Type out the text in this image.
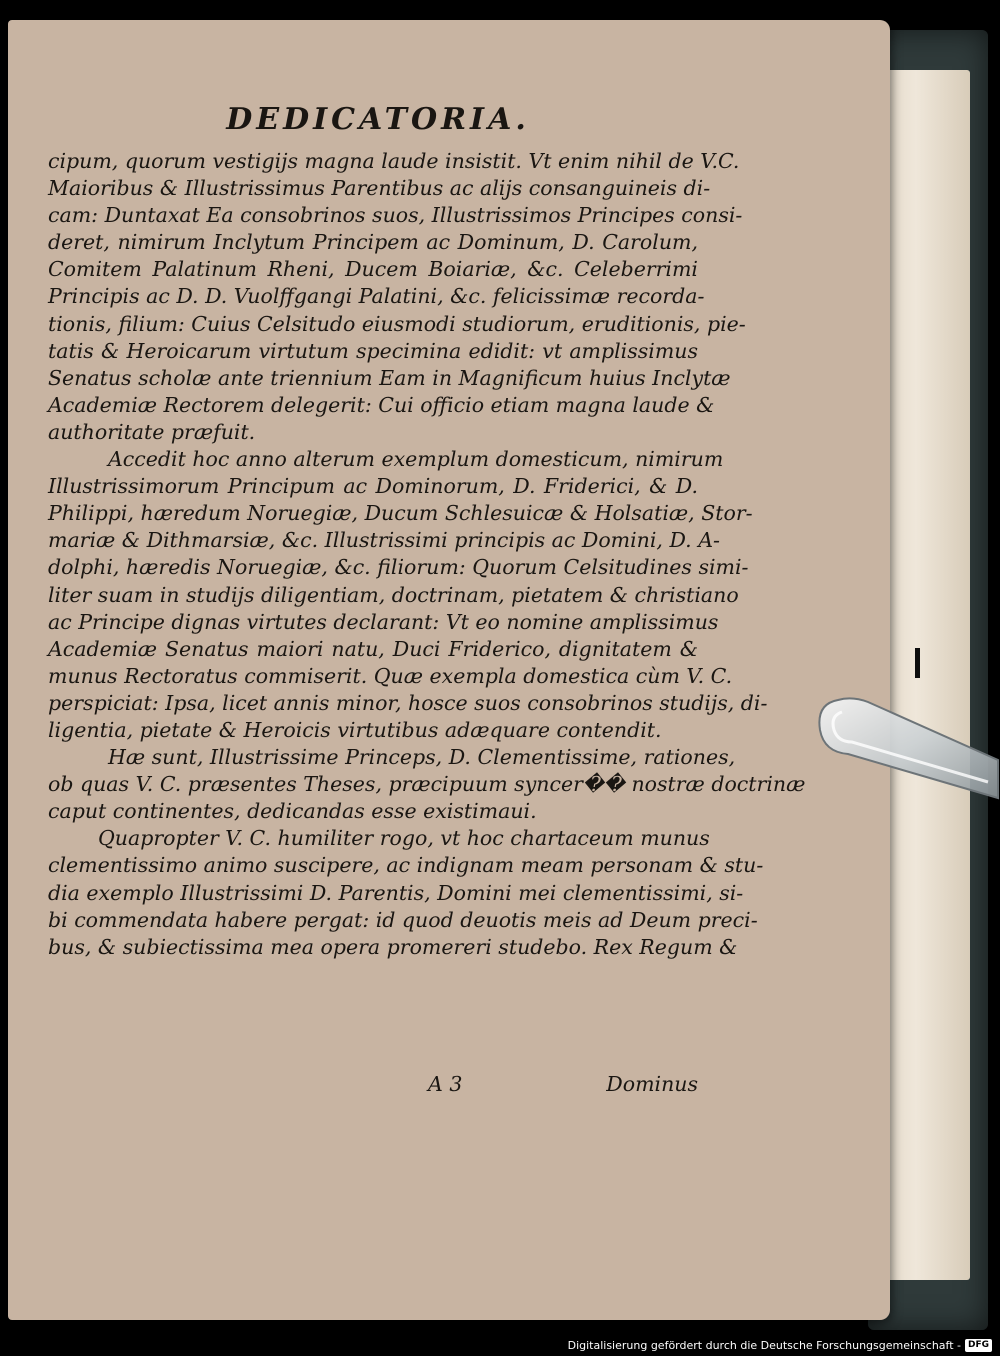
DEDICATORIA.
cipum, quorum vestigijs magna laude insistit. Vt enim nihil de V.C.
Maioribus & Illustrissimus Parentibus ac alijs consanguineis di-
cam: Duntaxat Ea consobrinos suos, Illustrissimos Principes consi-
deret, nimirum Inclytum Principem ac Dominum, D. Carolum,
Comitem Palatinum Rheni, Ducem Boiariæ, &c. Celeberrimi
Principis ac D. D. Vuolffgangi Palatini, &c. felicissimæ recorda-
tionis, filium: Cuius Celsitudo eiusmodi studiorum, eruditionis, pie-
tatis & Heroicarum virtutum specimina edidit: vt amplissimus
Senatus scholæ ante triennium Eam in Magnificum huius Inclytæ
Academiæ Rectorem delegerit: Cui officio etiam magna laude &
authoritate præfuit.
Accedit hoc anno alterum exemplum domesticum, nimirum
Illustrissimorum Principum ac Dominorum, D. Friderici, & D.
Philippi, hæredum Noruegiæ, Ducum Schlesuicæ & Holsatiæ, Stor-
mariæ & Dithmarsiæ, &c. Illustrissimi principis ac Domini, D. A-
dolphi, hæredis Noruegiæ, &c. filiorum: Quorum Celsitudines simi-
liter suam in studijs diligentiam, doctrinam, pietatem & christiano
ac Principe dignas virtutes declarant: Vt eo nomine amplissimus
Academiæ Senatus maiori natu, Duci Friderico, dignitatem &
munus Rectoratus commiserit. Quæ exempla domestica cùm V. C.
perspiciat: Ipsa, licet annis minor, hosce suos consobrinos studijs, di-
ligentia, pietate & Heroicis virtutibus adæquare contendit.
Hæ sunt, Illustrissime Princeps, D. Clementissime, rationes,
ob quas V. C. præsentes Theses, præcipuum syncer�� nostræ doctrinæ
caput continentes, dedicandas esse existimaui.
Quapropter V. C. humiliter rogo, vt hoc chartaceum munus
clementissimo animo suscipere, ac indignam meam personam & stu-
dia exemplo Illustrissimi D. Parentis, Domini mei clementissimi, si-
bi commendata habere pergat: id quod deuotis meis ad Deum preci-
bus, & subiectissima mea opera promereri studebo. Rex Regum &
A 3	Dominus
Digitalisierung gefördert durch die Deutsche Forschungsgemeinschaft - DFG
